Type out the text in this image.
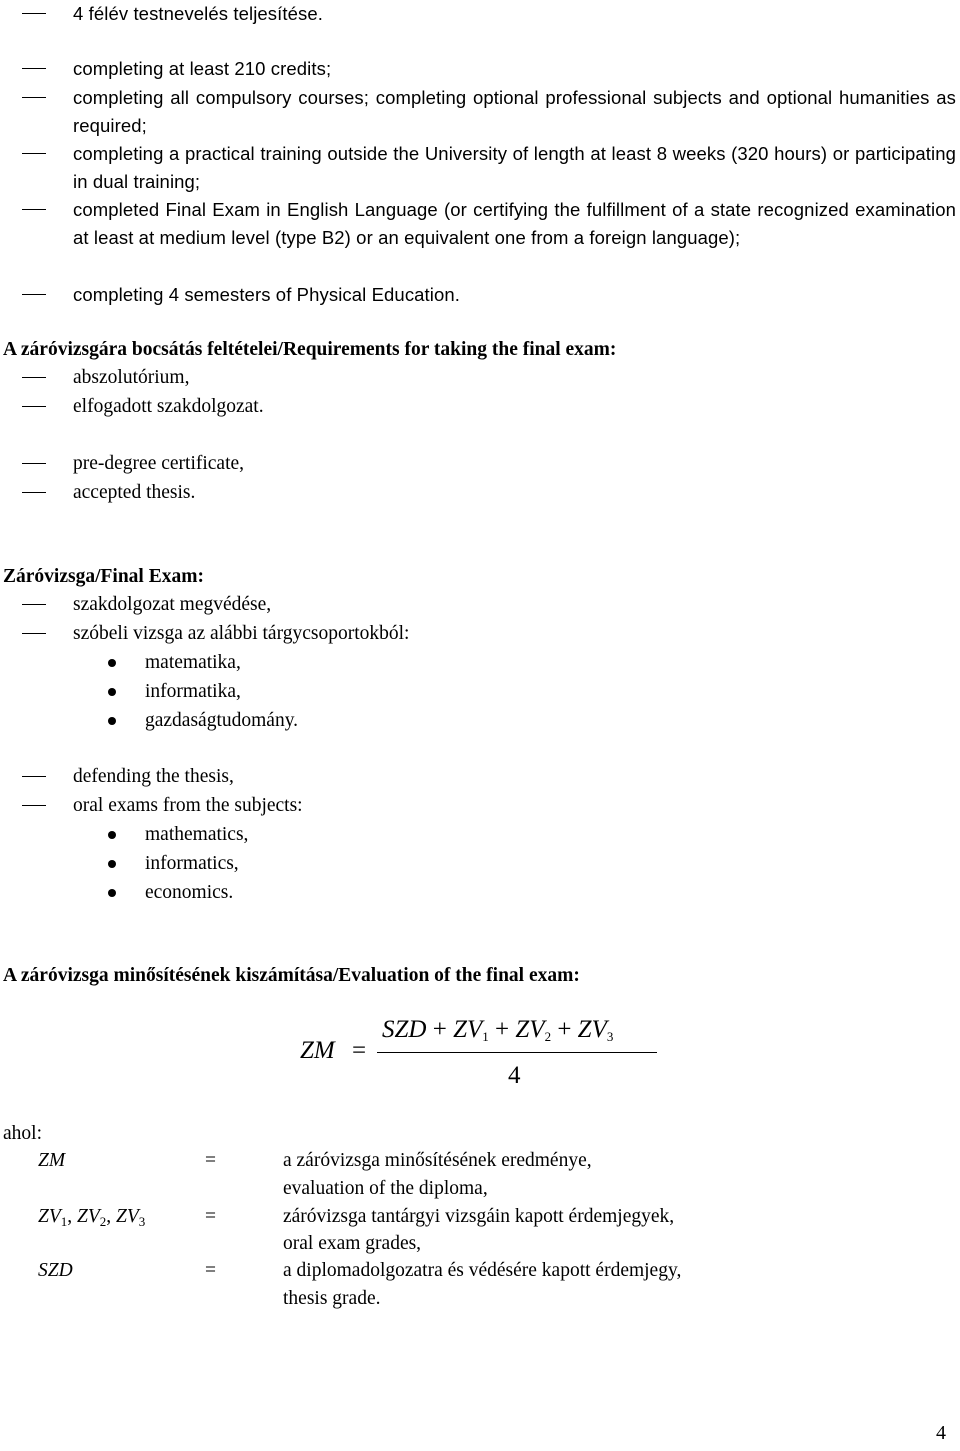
4 félév testnevelés teljesítése.
completing at least 210 credits;
completing all compulsory courses; completing optional professional subjects and optional humanities as required;
completing a practical training outside the University of length at least 8 weeks (320 hours) or participating in dual training;
completed Final Exam in English Language (or certifying the fulfillment of a state recognized examination at least at medium level (type B2) or an equivalent one from a foreign language);
completing 4 semesters of Physical Education.
A záróvizsgára bocsátás feltételei/Requirements for taking the final exam:
abszolutórium,
elfogadott szakdolgozat.
pre-degree certificate,
accepted thesis.
Záróvizsga/Final Exam:
szakdolgozat megvédése,
szóbeli vizsga az alábbi tárgycsoportokból:
matematika,
informatika,
gazdaságtudomány.
defending the thesis,
oral exams from the subjects:
mathematics,
informatics,
economics.
A záróvizsga minősítésének kiszámítása/Evaluation of the final exam:
ZM =
SZD + $ZV_1 + ZV_2 + ZV_3$
4
ahol:
ZM	=	a záróvizsga minősítésének eredménye,
evaluation of the diploma,
$ZV_1$, $ZV_2$, $ZV_3$	=	záróvizsga tantárgyi vizsgáin kapott érdemjegyek,
oral exam grades,
SZD	=	a diplomadolgozatra és védésére kapott érdemjegy,
thesis grade.
4
